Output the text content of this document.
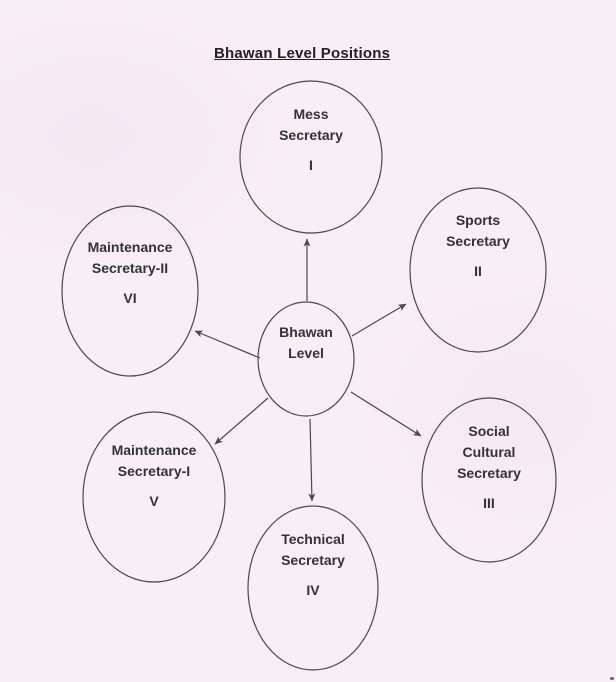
Bhawan Level Positions
Mess
Secretary
I
Sports
Secretary
II
Maintenance
Secretary-II
VI
Bhawan
Level
Social
Cultural
Secretary
III
Technical
Secretary
IV
Maintenance
Secretary-I
V
